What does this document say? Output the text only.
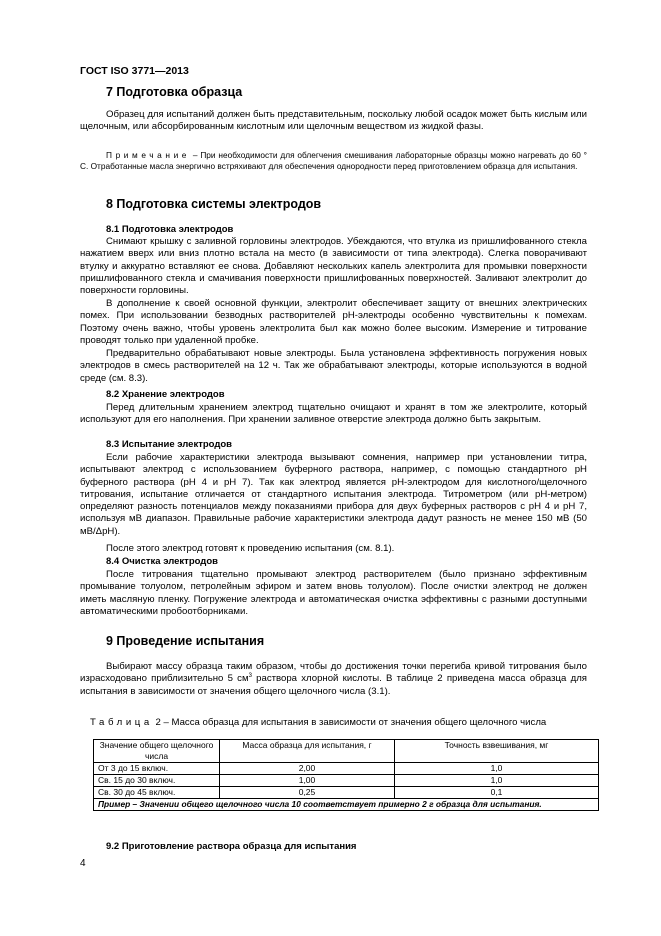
ГОСТ ISO 3771—2013
7 Подготовка образца
Образец для испытаний должен быть представительным, поскольку любой осадок может быть кислым или щелочным, или абсорбированным кислотным или щелочным веществом из жидкой фазы.
Примечание – При необходимости для облегчения смешивания лабораторные образцы можно нагревать до 60 ° С. Отработанные масла энергично встряхивают для обеспечения однородности перед приготовлением образца для испытания.
8 Подготовка системы электродов
8.1 Подготовка электродов
Снимают крышку с заливной горловины электродов. Убеждаются, что втулка из пришлифованного стекла нажатием вверх или вниз плотно встала на место (в зависимости от типа электрода). Слегка поворачивают втулку и аккуратно вставляют ее снова. Добавляют нескольких капель электролита для промывки поверхности пришлифованного стекла и смачивания поверхности пришлифованных поверхностей. Заливают электролит до поверхности горловины.
В дополнение к своей основной функции, электролит обеспечивает защиту от внешних электрических помех. При использовании безводных растворителей pH-электроды особенно чувствительны к помехам. Поэтому очень важно, чтобы уровень электролита был как можно более высоким. Измерение и титрование проводят только при удаленной пробке.
Предварительно обрабатывают новые электроды. Была установлена эффективность погружения новых электродов в смесь растворителей на 12 ч. Так же обрабатывают электроды, которые используются в водной среде (см. 8.3).
8.2 Хранение электродов
Перед длительным хранением электрод тщательно очищают и хранят в том же электролите, который используют для его наполнения. При хранении заливное отверстие электрода должно быть закрытым.
8.3 Испытание электродов
Если рабочие характеристики электрода вызывают сомнения, например при установлении титра, испытывают электрод с использованием буферного раствора, например, с помощью стандартного pH буферного раствора (pH 4 и pH 7). Так как электрод является pH-электродом для кислотного/щелочного титрования, испытание отличается от стандартного испытания электрода. Титрометром (или pH-метром) определяют разность потенциалов между показаниями прибора для двух буферных растворов с pH 4 и pH 7, используя мВ диапазон. Правильные рабочие характеристики электрода дадут разность не менее 150 мВ (50 мВ/ΔpH).
После этого электрод готовят к проведению испытания (см. 8.1).
8.4 Очистка электродов
После титрования тщательно промывают электрод растворителем (было признано эффективным промывание толуолом, петролейным эфиром и затем вновь толуолом). После очистки электрод не должен иметь масляную пленку. Погружение электрода и автоматическая очистка эффективны с разными доступными автоматическими пробоотборниками.
9 Проведение испытания
Выбирают массу образца таким образом, чтобы до достижения точки перегиба кривой титрования было израсходовано приблизительно 5 $см^3$ раствора хлорной кислоты. В таблице 2 приведена масса образца для испытания в зависимости от значения общего щелочного числа (3.1).
Таблица 2 – Масса образца для испытания в зависимости от значения общего щелочного числа
Значение общего щелочного числа	Масса образца для испытания, г	Точность взвешивания, мг
От 3 до 15 включ.	2,00	1,0
Св. 15 до 30 включ.	1,00	1,0
Св. 30 до 45 включ.	0,25	0,1
Пример – Значении общего щелочного числа 10 соответствует примерно 2 г образца для испытания.		
9.2 Приготовление раствора образца для испытания
4
